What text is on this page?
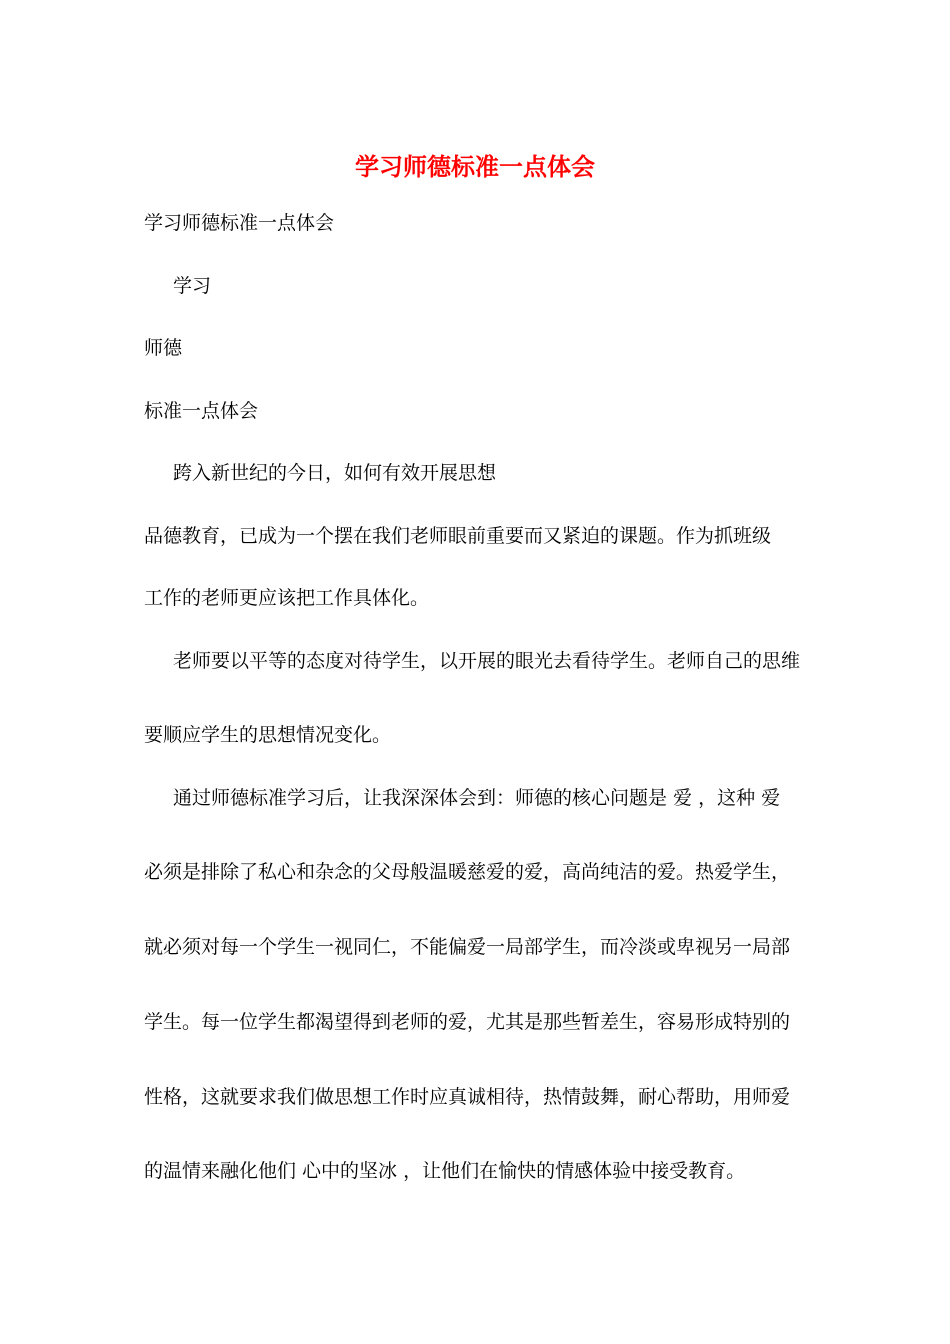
学习师德标准一点体会

学习师德标准一点体会

学习

师德

标准一点体会

跨入新世纪的今日，如何有效开展思想

品德教育，已成为一个摆在我们老师眼前重要而又紧迫的课题。作为抓班级

工作的老师更应该把工作具体化。

老师要以平等的态度对待学生，以开展的眼光去看待学生。老师自己的思维

要顺应学生的思想情况变化。

通过师德标准学习后，让我深深体会到：师德的核心问题是 爱 ，这种 爱

必须是排除了私心和杂念的父母般温暖慈爱的爱，高尚纯洁的爱。热爱学生，

就必须对每一个学生一视同仁，不能偏爱一局部学生，而冷淡或卑视另一局部

学生。每一位学生都渴望得到老师的爱，尤其是那些暂差生，容易形成特别的

性格，这就要求我们做思想工作时应真诚相待，热情鼓舞，耐心帮助，用师爱

的温情来融化他们 心中的坚冰 ，让他们在愉快的情感体验中接受教育。
